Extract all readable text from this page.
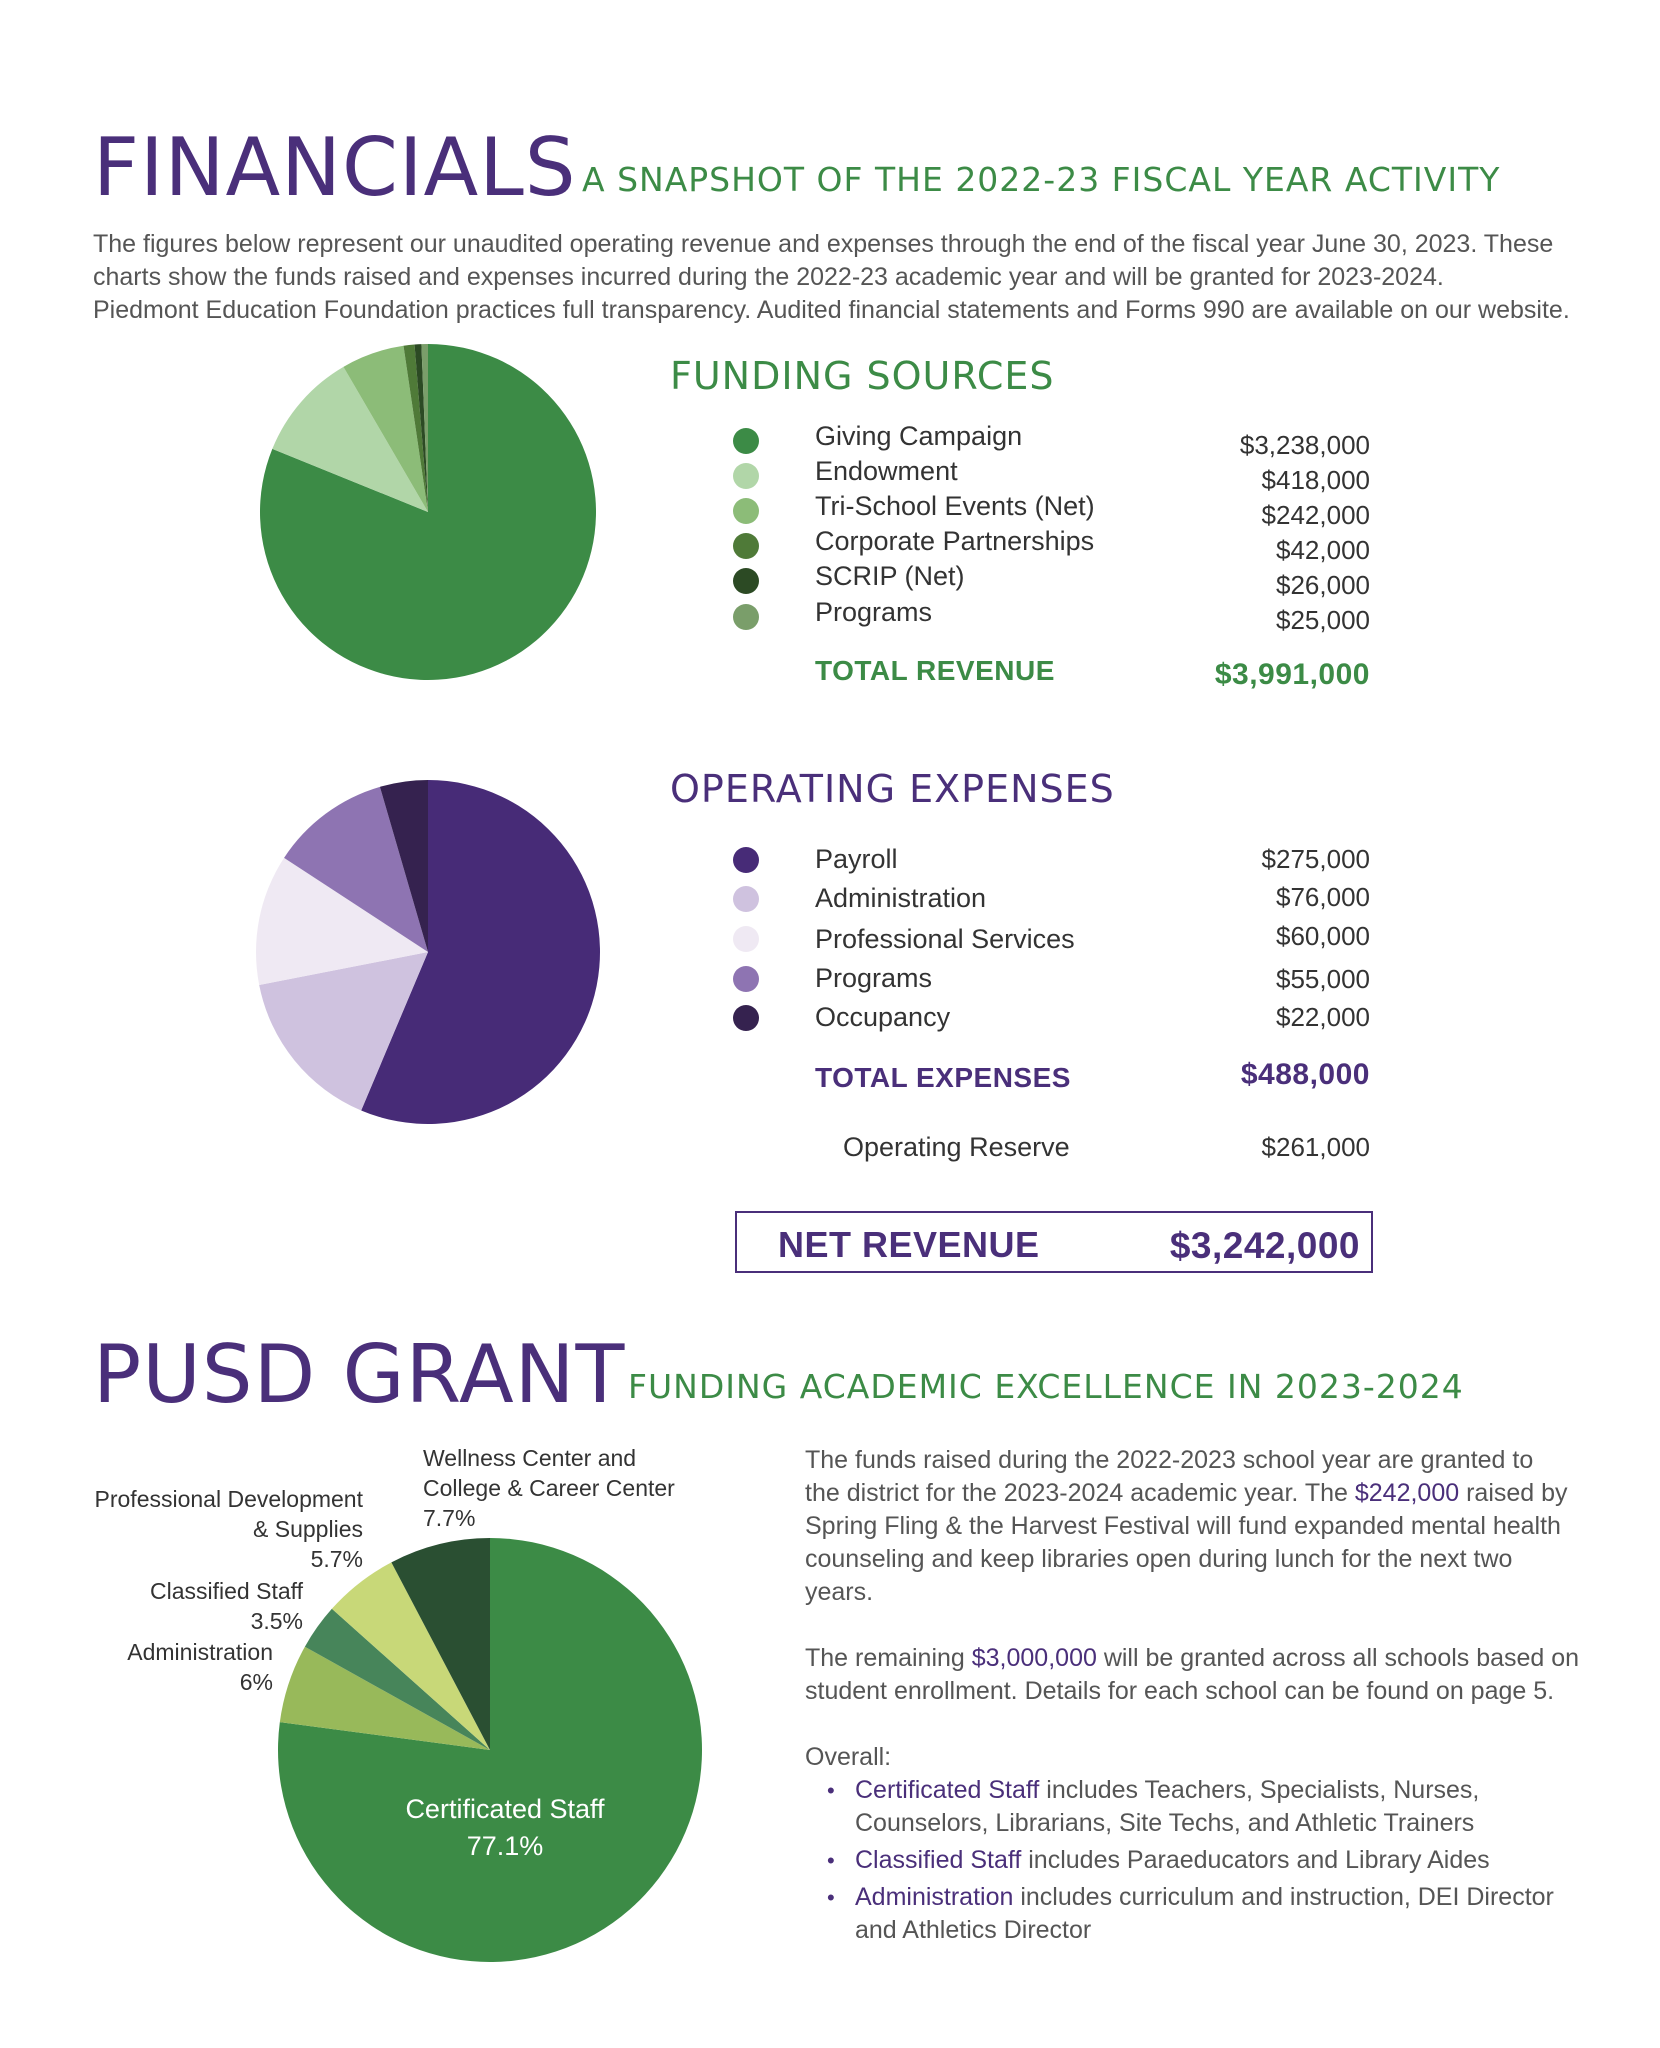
FINANCIALS A SNAPSHOT OF THE 2022-23 FISCAL YEAR ACTIVITY
The figures below represent our unaudited operating revenue and expenses through the end of the fiscal year June 30, 2023. These
charts show the funds raised and expenses incurred during the 2022-23 academic year and will be granted for 2023-2024.
Piedmont Education Foundation practices full transparency. Audited financial statements and Forms 990 are available on our website.
FUNDING SOURCES
Giving Campaign	$3,238,000
Endowment	$418,000
Tri-School Events (Net)	$242,000
Corporate Partnerships	$42,000
SCRIP (Net)	$26,000
Programs	$25,000
TOTAL REVENUE	$3,991,000
OPERATING EXPENSES
Payroll	$275,000
Administration	$76,000
Professional Services	$60,000
Programs	$55,000
Occupancy	$22,000
TOTAL EXPENSES	$488,000
Operating Reserve	$261,000
NET REVENUE	$3,242,000
PUSD GRANT FUNDING ACADEMIC EXCELLENCE IN 2023-2024
Wellness Center and
College & Career Center
7.7%
Professional Development
& Supplies
5.7%
Classified Staff
3.5%
Administration
6%
Certificated Staff
77.1%
The funds raised during the 2022-2023 school year are granted to
the district for the 2023-2024 academic year. The $242,000 raised by
Spring Fling & the Harvest Festival will fund expanded mental health
counseling and keep libraries open during lunch for the next two
years.
The remaining $3,000,000 will be granted across all schools based on
student enrollment. Details for each school can be found on page 5.
Overall:
• Certificated Staff includes Teachers, Specialists, Nurses,
Counselors, Librarians, Site Techs, and Athletic Trainers
• Classified Staff includes Paraeducators and Library Aides
• Administration includes curriculum and instruction, DEI Director
and Athletics Director
